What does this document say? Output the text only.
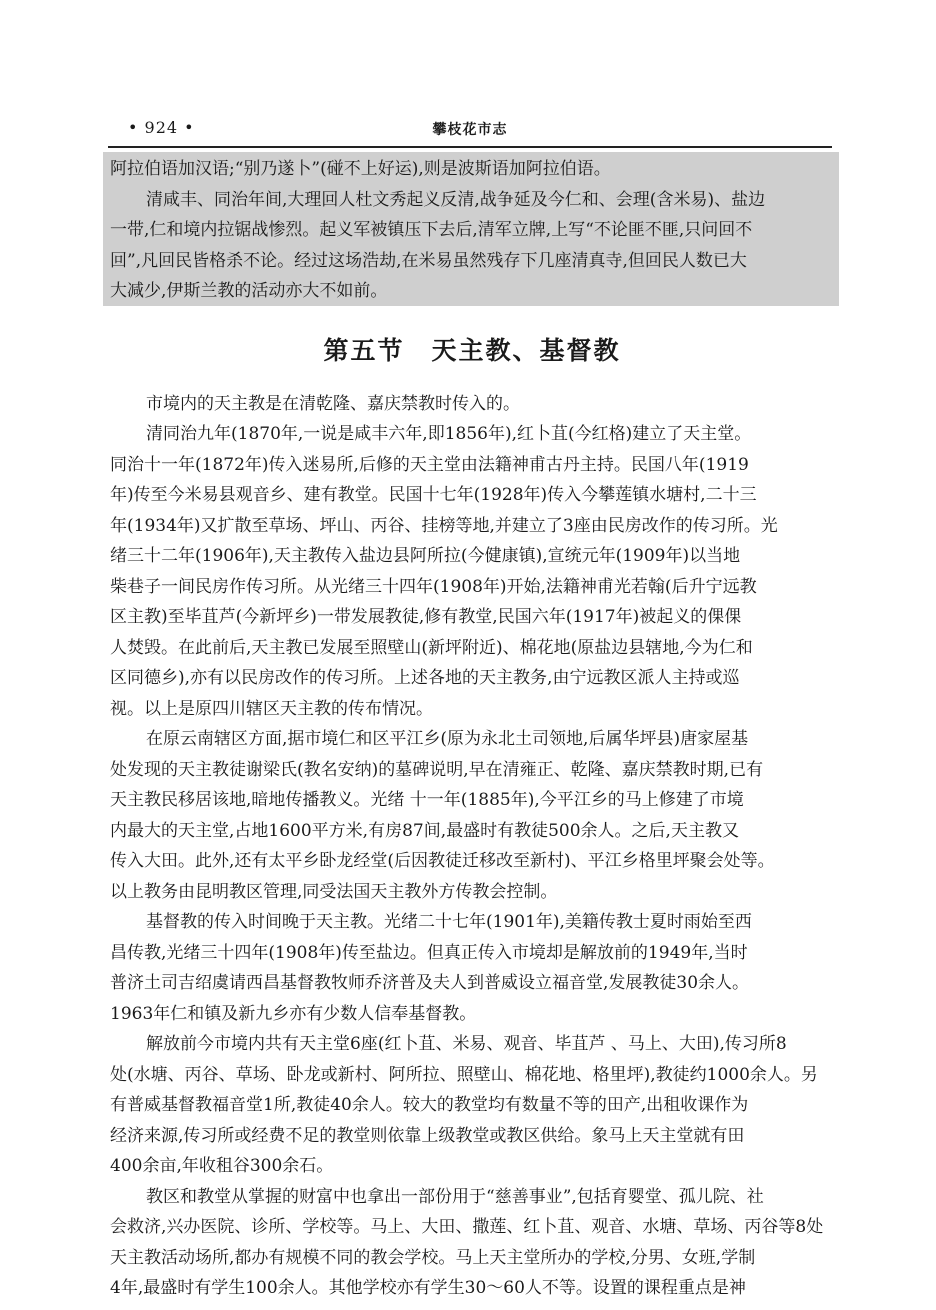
• 924 •	攀枝花市志
阿拉伯语加汉语;“别乃遂卜”(碰不上好运),则是波斯语加阿拉伯语。
清咸丰、同治年间,大理回人杜文秀起义反清,战争延及今仁和、会理(含米易)、盐边
一带,仁和境内拉锯战惨烈。起义军被镇压下去后,清军立牌,上写“不论匪不匪,只问回不
回”,凡回民皆格杀不论。经过这场浩劫,在米易虽然残存下几座清真寺,但回民人数已大
大减少,伊斯兰教的活动亦大不如前。
第五节　天主教、基督教
市境内的天主教是在清乾隆、嘉庆禁教时传入的。
清同治九年(1870年,一说是咸丰六年,即1856年),红卜苴(今红格)建立了天主堂。
同治十一年(1872年)传入迷易所,后修的天主堂由法籍神甫古丹主持。民国八年(1919
年)传至今米易县观音乡、建有教堂。民国十七年(1928年)传入今攀莲镇水塘村,二十三
年(1934年)又扩散至草场、坪山、丙谷、挂榜等地,并建立了3座由民房改作的传习所。光
绪三十二年(1906年),天主教传入盐边县阿所拉(今健康镇),宣统元年(1909年)以当地
柴巷子一间民房作传习所。从光绪三十四年(1908年)开始,法籍神甫光若翰(后升宁远教
区主教)至毕苴芦(今新坪乡)一带发展教徒,修有教堂,民国六年(1917年)被起义的倮倮
人焚毁。在此前后,天主教已发展至照壁山(新坪附近)、棉花地(原盐边县辖地,今为仁和
区同德乡),亦有以民房改作的传习所。上述各地的天主教务,由宁远教区派人主持或巡
视。以上是原四川辖区天主教的传布情况。
在原云南辖区方面,据市境仁和区平江乡(原为永北土司领地,后属华坪县)唐家屋基
处发现的天主教徒谢梁氏(教名安纳)的墓碑说明,早在清雍正、乾隆、嘉庆禁教时期,已有
天主教民移居该地,暗地传播教义。光绪 十一年(1885年),今平江乡的马上修建了市境
内最大的天主堂,占地1600平方米,有房87间,最盛时有教徒500余人。之后,天主教又
传入大田。此外,还有太平乡卧龙经堂(后因教徒迁移改至新村)、平江乡格里坪聚会处等。
以上教务由昆明教区管理,同受法国天主教外方传教会控制。
基督教的传入时间晚于天主教。光绪二十七年(1901年),美籍传教士夏时雨始至西
昌传教,光绪三十四年(1908年)传至盐边。但真正传入市境却是解放前的1949年,当时
普济土司吉绍虞请西昌基督教牧师乔济普及夫人到普威设立福音堂,发展教徒30余人。
1963年仁和镇及新九乡亦有少数人信奉基督教。
解放前今市境内共有天主堂6座(红卜苴、米易、观音、毕苴芦 、马上、大田),传习所8
处(水塘、丙谷、草场、卧龙或新村、阿所拉、照壁山、棉花地、格里坪),教徒约1000余人。另
有普威基督教福音堂1所,教徒40余人。较大的教堂均有数量不等的田产,出租收课作为
经济来源,传习所或经费不足的教堂则依靠上级教堂或教区供给。象马上天主堂就有田
400余亩,年收租谷300余石。
教区和教堂从掌握的财富中也拿出一部份用于“慈善事业”,包括育婴堂、孤儿院、社
会救济,兴办医院、诊所、学校等。马上、大田、撒莲、红卜苴、观音、水塘、草场、丙谷等8处
天主教活动场所,都办有规模不同的教会学校。马上天主堂所办的学校,分男、女班,学制
4年,最盛时有学生100余人。其他学校亦有学生30～60人不等。设置的课程重点是神
